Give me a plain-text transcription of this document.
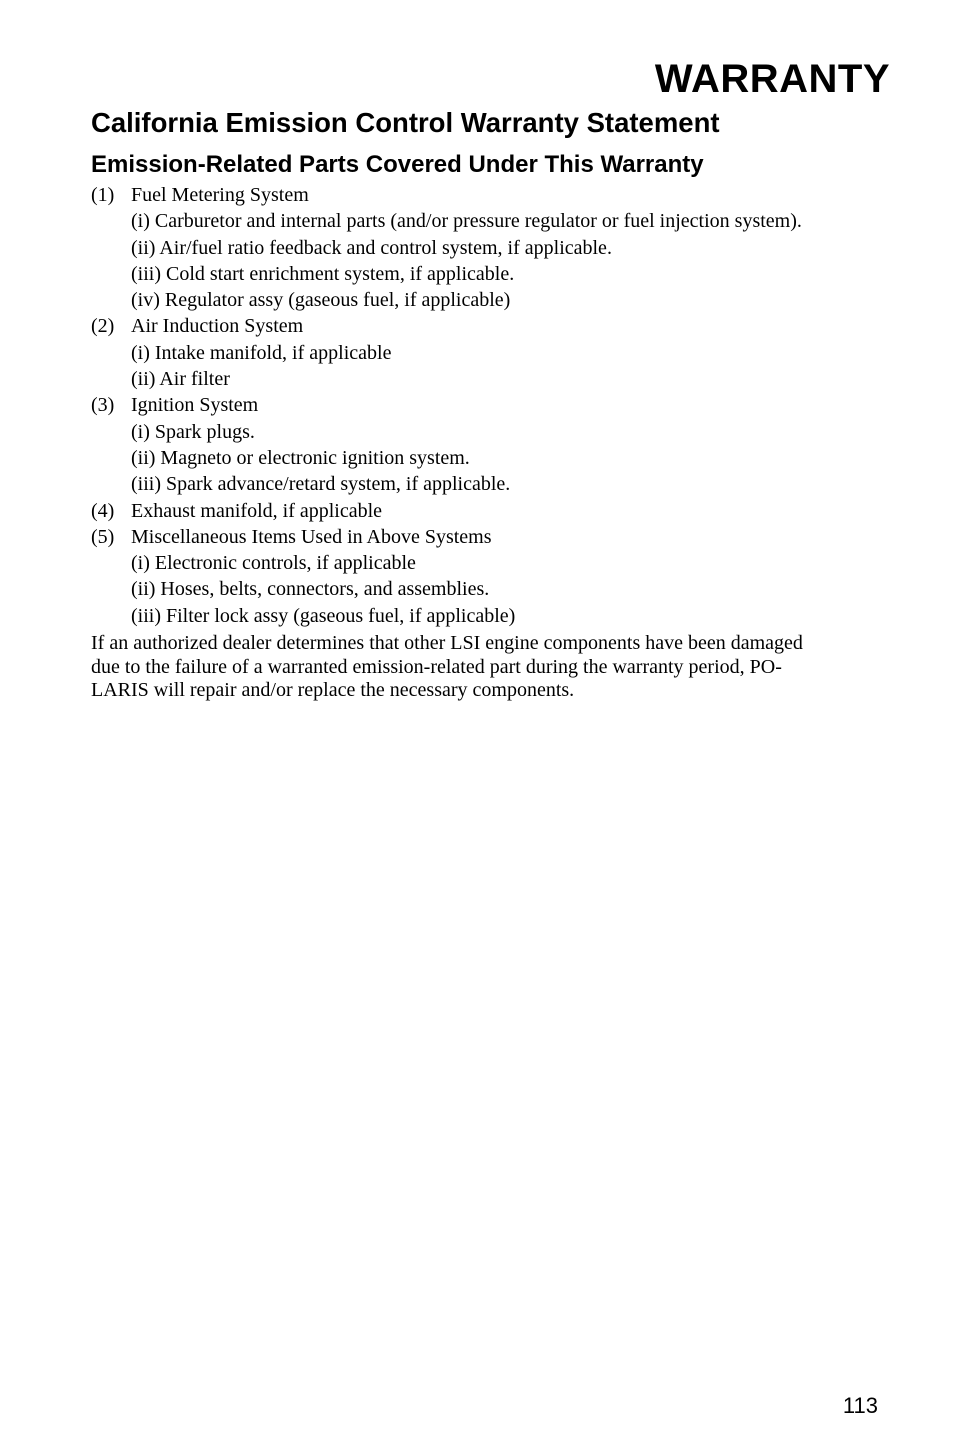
WARRANTY
California Emission Control Warranty Statement
Emission-Related Parts Covered Under This Warranty
(1) Fuel Metering System
(i) Carburetor and internal parts (and/or pressure regulator or fuel injection system).
(ii) Air/fuel ratio feedback and control system, if applicable.
(iii) Cold start enrichment system, if applicable.
(iv) Regulator assy (gaseous fuel, if applicable)
(2) Air Induction System
(i) Intake manifold, if applicable
(ii) Air filter
(3) Ignition System
(i) Spark plugs.
(ii) Magneto or electronic ignition system.
(iii) Spark advance/retard system, if applicable.
(4) Exhaust manifold, if applicable
(5) Miscellaneous Items Used in Above Systems
(i) Electronic controls, if applicable
(ii) Hoses, belts, connectors, and assemblies.
(iii) Filter lock assy (gaseous fuel, if applicable)

If an authorized dealer determines that other LSI engine components have been damaged
due to the failure of a warranted emission-related part during the warranty period, PO-
LARIS will repair and/or replace the necessary components.

113
